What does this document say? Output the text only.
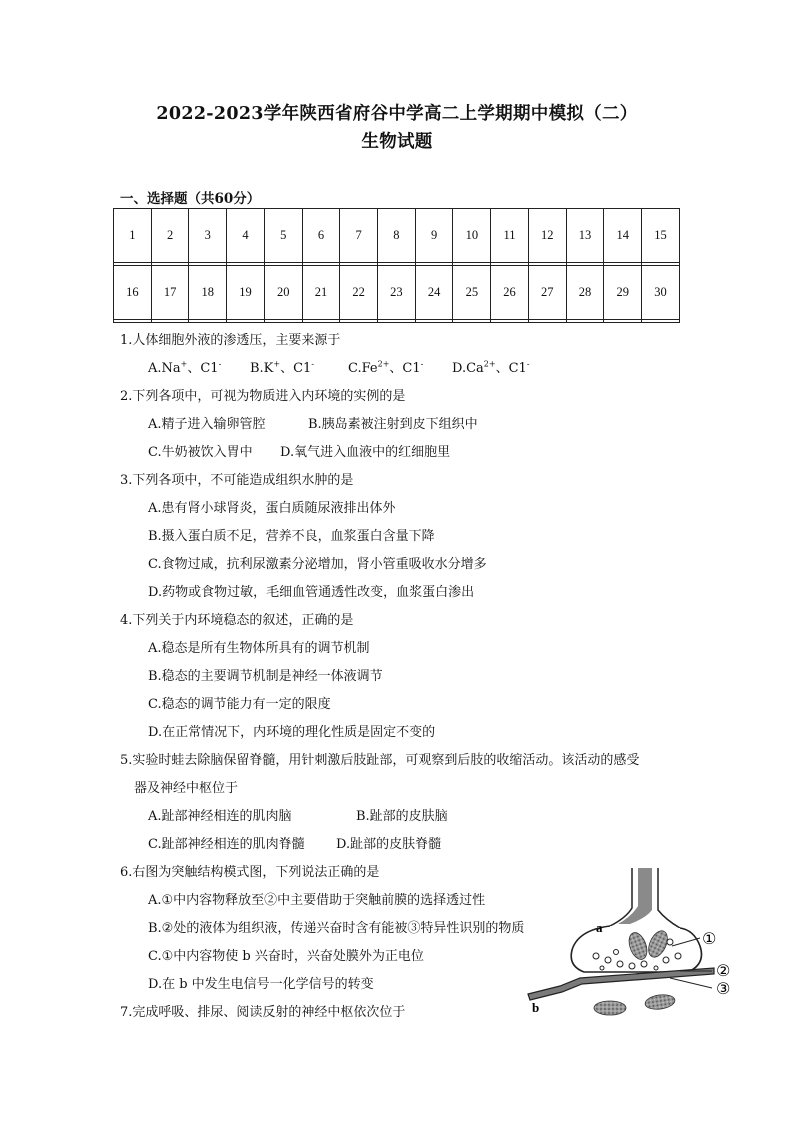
2022-2023学年陕西省府谷中学高二上学期期中模拟（二）
生物试题
一、选择题（共60分）
1	2	3	4	5	6	7	8	9	10	11	12	13	14	15

16	17	18	19	20	21	22	23	24	25	26	27	28	29	30

1.人体细胞外液的渗透压，主要来源于
A.Na+、C1- B.K+、C1-	$C.Fe^{2+}$、C1- $D.Ca^{2+}$、C1-
2.下列各项中，可视为物质进入内环境的实例的是
A.精子进入输卵管腔	B.胰岛素被注射到皮下组织中
C.牛奶被饮入胃中 D.氧气进入血液中的红细胞里
3.下列各项中，不可能造成组织水肿的是
A.患有肾小球肾炎，蛋白质随尿液排出体外
B.摄入蛋白质不足，营养不良，血浆蛋白含量下降
C.食物过咸，抗利尿激素分泌增加，肾小管重吸收水分增多
D.药物或食物过敏，毛细血管通透性改变，血浆蛋白渗出
4.下列关于内环境稳态的叙述，正确的是
A.稳态是所有生物体所具有的调节机制
B.稳态的主要调节机制是神经一体液调节
C.稳态的调节能力有一定的限度
D.在正常情况下，内环境的理化性质是固定不变的
5.实验时蛙去除脑保留脊髓，用针刺激后肢趾部，可观察到后肢的收缩活动。该活动的感受
器及神经中枢位于
A.趾部神经相连的肌肉脑	B.趾部的皮肤脑
C.趾部神经相连的肌肉脊髓 D.趾部的皮肤脊髓
6.右图为突触结构模式图，下列说法正确的是
A.①中内容物释放至②中主要借助于突触前膜的选择透过性
B.②处的液体为组织液，传递兴奋时含有能被③特异性识别的物质
C.①中内容物使 b 兴奋时，兴奋处膜外为正电位
D.在 b 中发生电信号一化学信号的转变
7.完成呼吸、排尿、阅读反射的神经中枢依次位于
a
b
①
②
③
